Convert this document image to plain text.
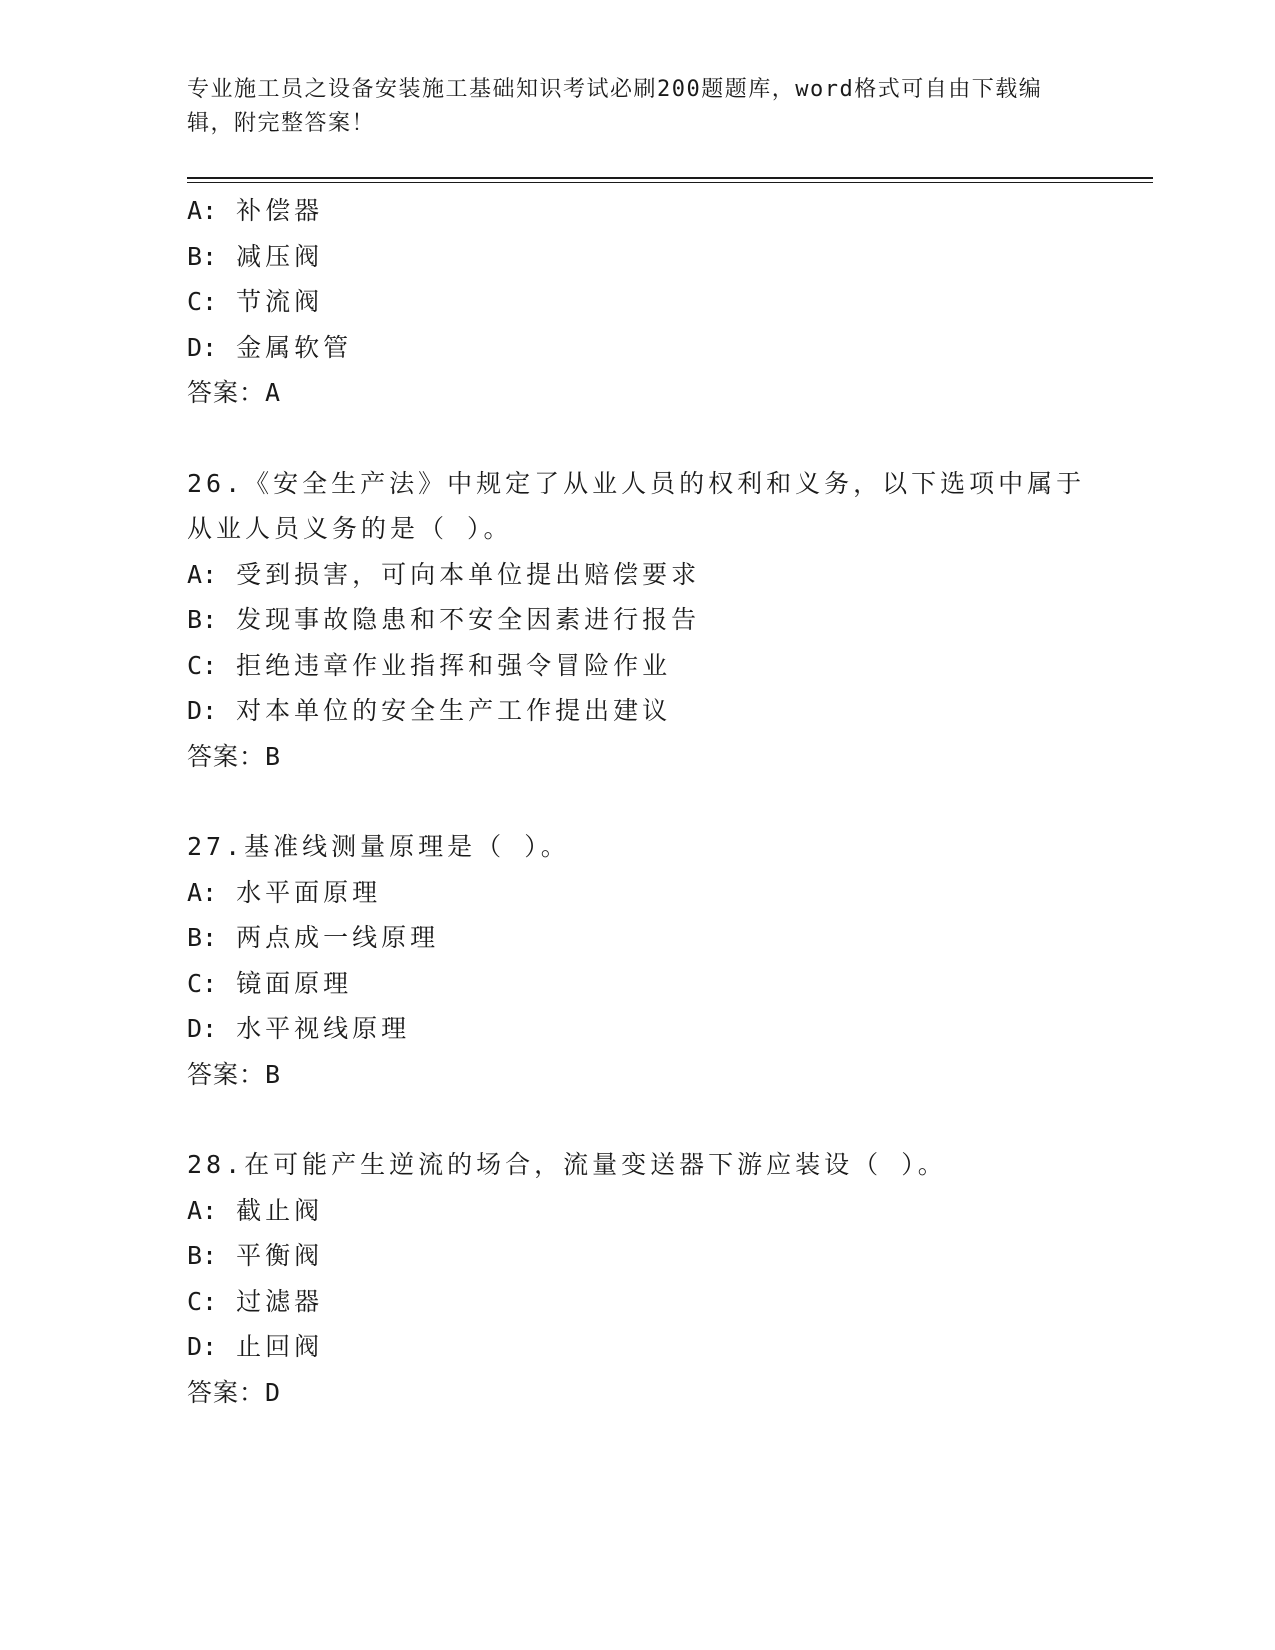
专业施工员之设备安装施工基础知识考试必刷200题题库，word格式可自由下载编辑，附完整答案！
A: 补偿器
B: 减压阀
C: 节流阀
D: 金属软管
答案：A
26.《安全生产法》中规定了从业人员的权利和义务，以下选项中属于
从业人员义务的是（ ）。
A: 受到损害，可向本单位提出赔偿要求
B: 发现事故隐患和不安全因素进行报告
C: 拒绝违章作业指挥和强令冒险作业
D: 对本单位的安全生产工作提出建议
答案：B
27.基准线测量原理是（ ）。
A: 水平面原理
B: 两点成一线原理
C: 镜面原理
D: 水平视线原理
答案：B
28.在可能产生逆流的场合，流量变送器下游应装设（ ）。
A: 截止阀
B: 平衡阀
C: 过滤器
D: 止回阀
答案：D
